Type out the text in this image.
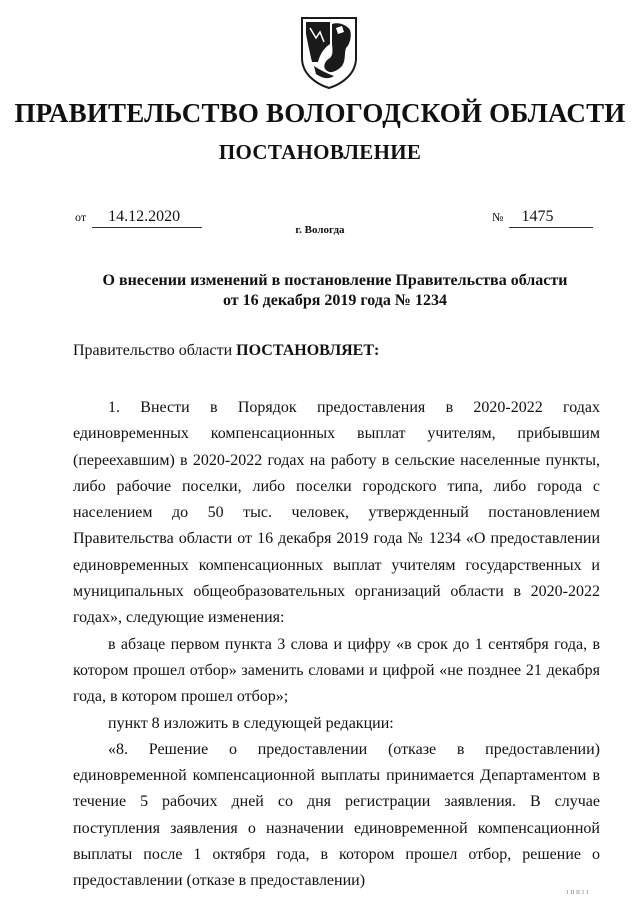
ПРАВИТЕЛЬСТВО ВОЛОГОДСКОЙ ОБЛАСТИ
ПОСТАНОВЛЕНИЕ
от 14.12.2020	№ 1475
г. Вологда
О внесении изменений в постановление Правительства области
от 16 декабря 2019 года № 1234
Правительство области ПОСТАНОВЛЯЕТ:

1. Внести в Порядок предоставления в 2020-2022 годах единовременных компенсационных выплат учителям, прибывшим (переехавшим) в 2020-2022 годах на работу в сельские населенные пункты, либо рабочие поселки, либо поселки городского типа, либо города с населением до 50 тыс. человек, утвержденный постановлением Правительства области от 16 декабря 2019 года № 1234 «О предоставлении единовременных компенсационных выплат учителям государственных и муниципальных общеобразовательных организаций области в 2020-2022 годах», следующие изменения:

в абзаце первом пункта 3 слова и цифру «в срок до 1 сентября года, в котором прошел отбор» заменить словами и цифрой «не позднее 21 декабря года, в котором прошел отбор»;

пункт 8 изложить в следующей редакции:

«8. Решение о предоставлении (отказе в предоставлении) единовременной компенсационной выплаты принимается Департаментом в течение 5 рабочих дней со дня регистрации заявления. В случае поступления заявления о назначении единовременной компенсационной выплаты после 1 октября года, в котором прошел отбор, решение о предоставлении (отказе в предоставлении)

1 II II 1 1
